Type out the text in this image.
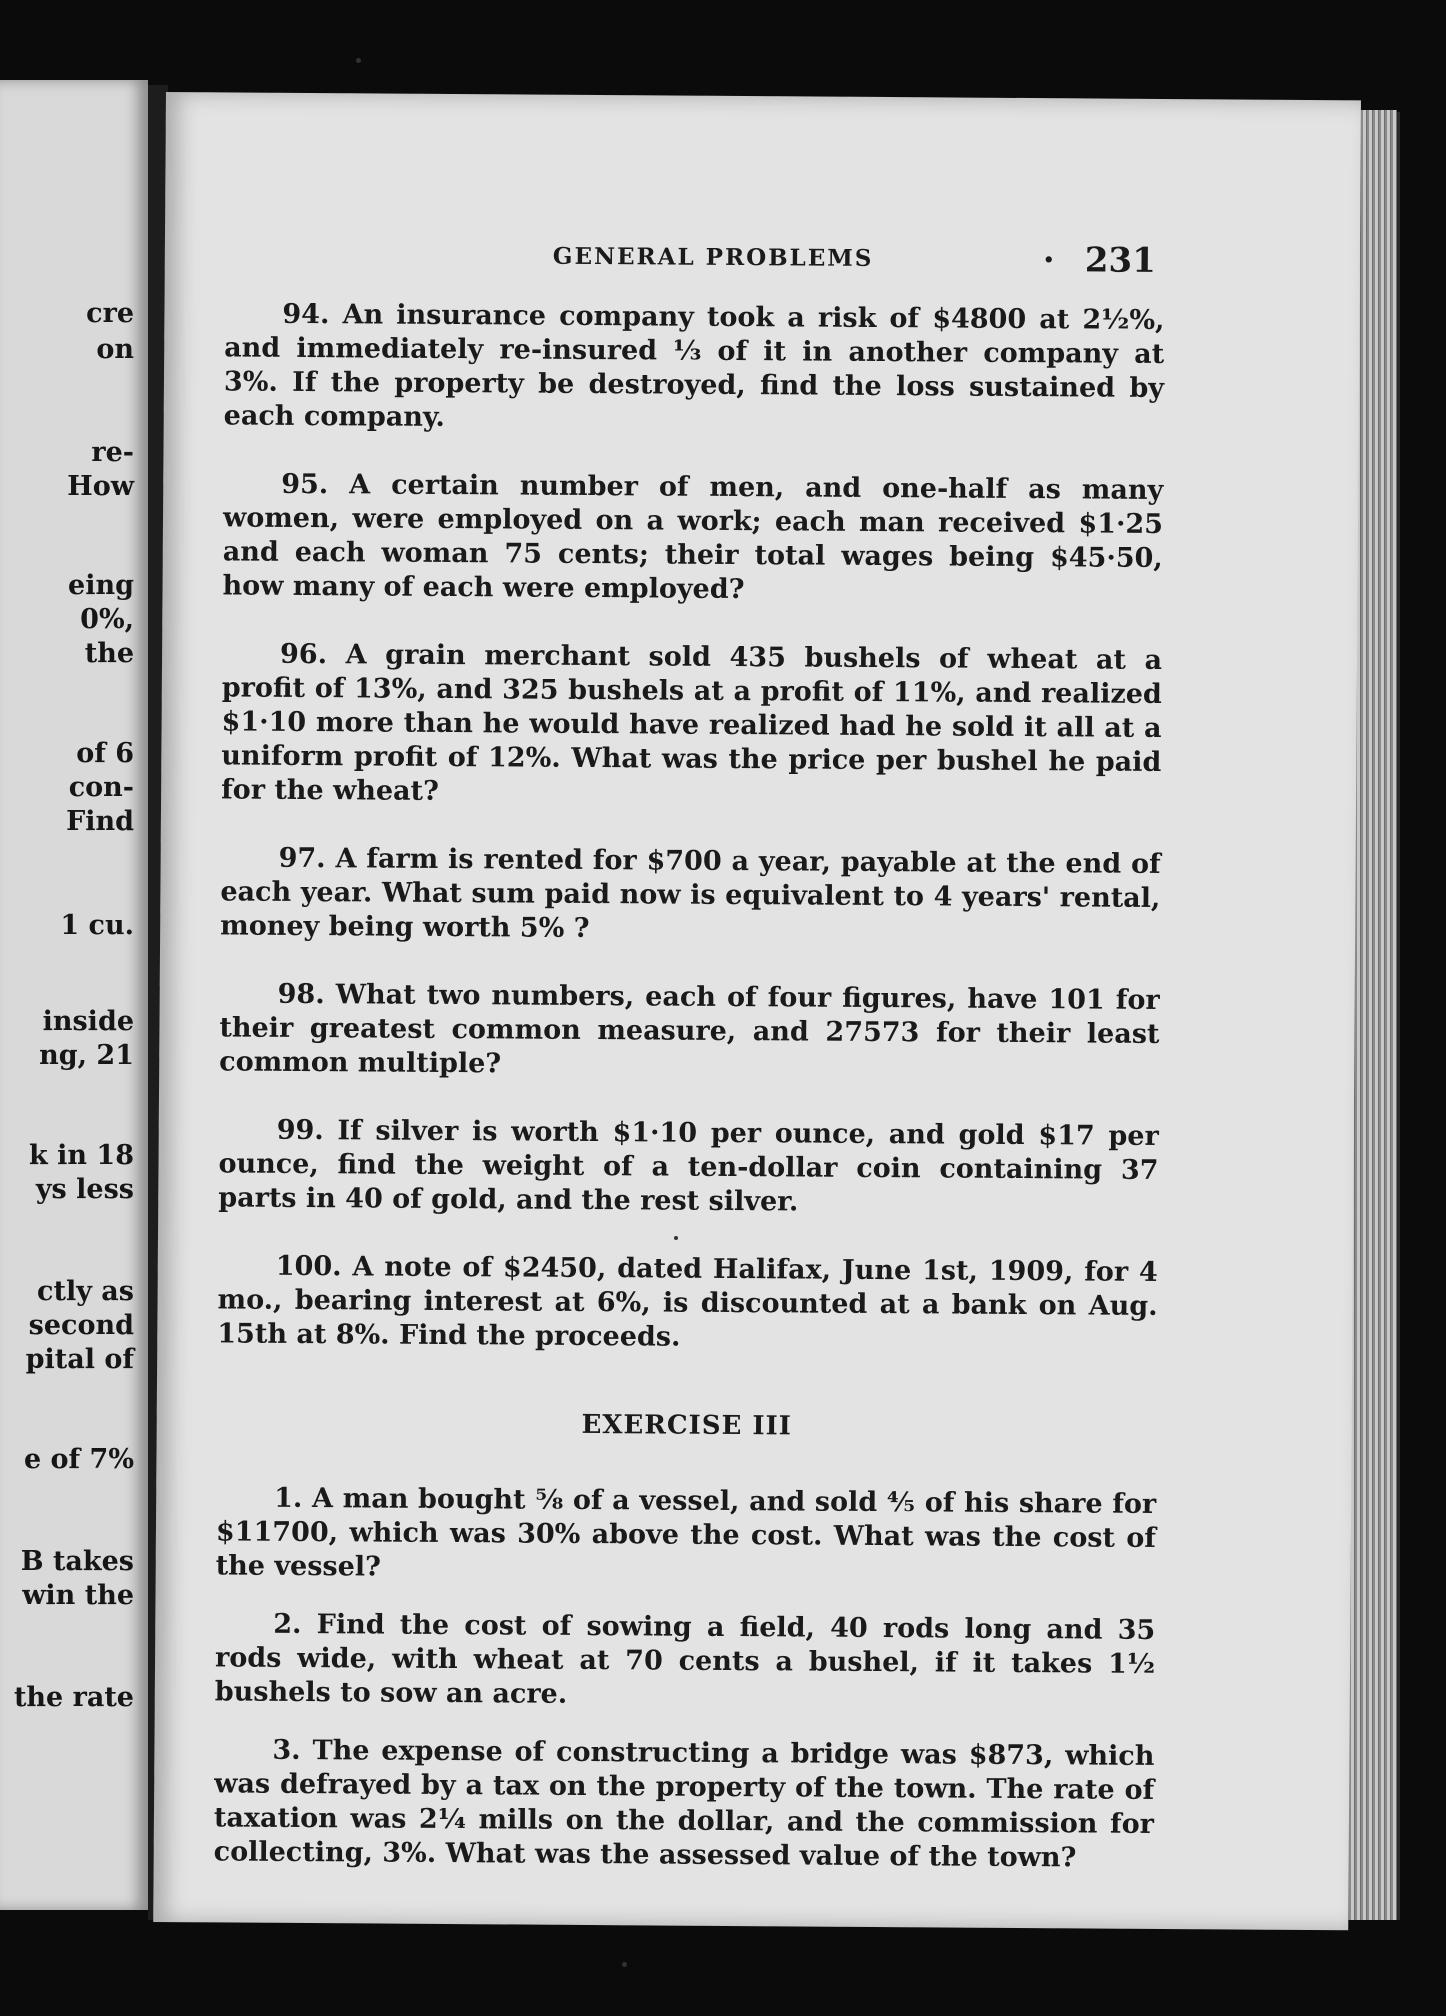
cre
on
re-
How
eing
0%,
the
of 6
con-
Find
1 cu.
inside
ng, 21
k in 18
ys less
ctly as
second
pital of
e of 7%
B takes
win the
the rate
GENERAL PROBLEMS
·	231

94. An insurance company took a risk of $4800 at 2½%, and immediately re-insured ⅓ of it in another company at 3%. If the property be destroyed, find the loss sustained by each company.

95. A certain number of men, and one-half as many women, were employed on a work; each man received $1·25 and each woman 75 cents; their total wages being $45·50, how many of each were employed?

96. A grain merchant sold 435 bushels of wheat at a profit of 13%, and 325 bushels at a profit of 11%, and realized $1·10 more than he would have realized had he sold it all at a uniform profit of 12%. What was the price per bushel he paid for the wheat?

97. A farm is rented for $700 a year, payable at the end of each year. What sum paid now is equivalent to 4 years' rental, money being worth 5% ?

98. What two numbers, each of four figures, have 101 for their greatest common measure, and 27573 for their least common multiple?

99. If silver is worth $1·10 per ounce, and gold $17 per ounce, find the weight of a ten-dollar coin containing 37 parts in 40 of gold, and the rest silver.

100. A note of $2450, dated Halifax, June 1st, 1909, for 4 mo., bearing interest at 6%, is discounted at a bank on Aug. 15th at 8%. Find the proceeds.

EXERCISE III

1. A man bought ⅝ of a vessel, and sold ⅘ of his share for $11700, which was 30% above the cost. What was the cost of the vessel?

2. Find the cost of sowing a field, 40 rods long and 35 rods wide, with wheat at 70 cents a bushel, if it takes 1½ bushels to sow an acre.

3. The expense of constructing a bridge was $873, which was defrayed by a tax on the property of the town. The rate of taxation was 2¼ mills on the dollar, and the commission for collecting, 3%. What was the assessed value of the town?
